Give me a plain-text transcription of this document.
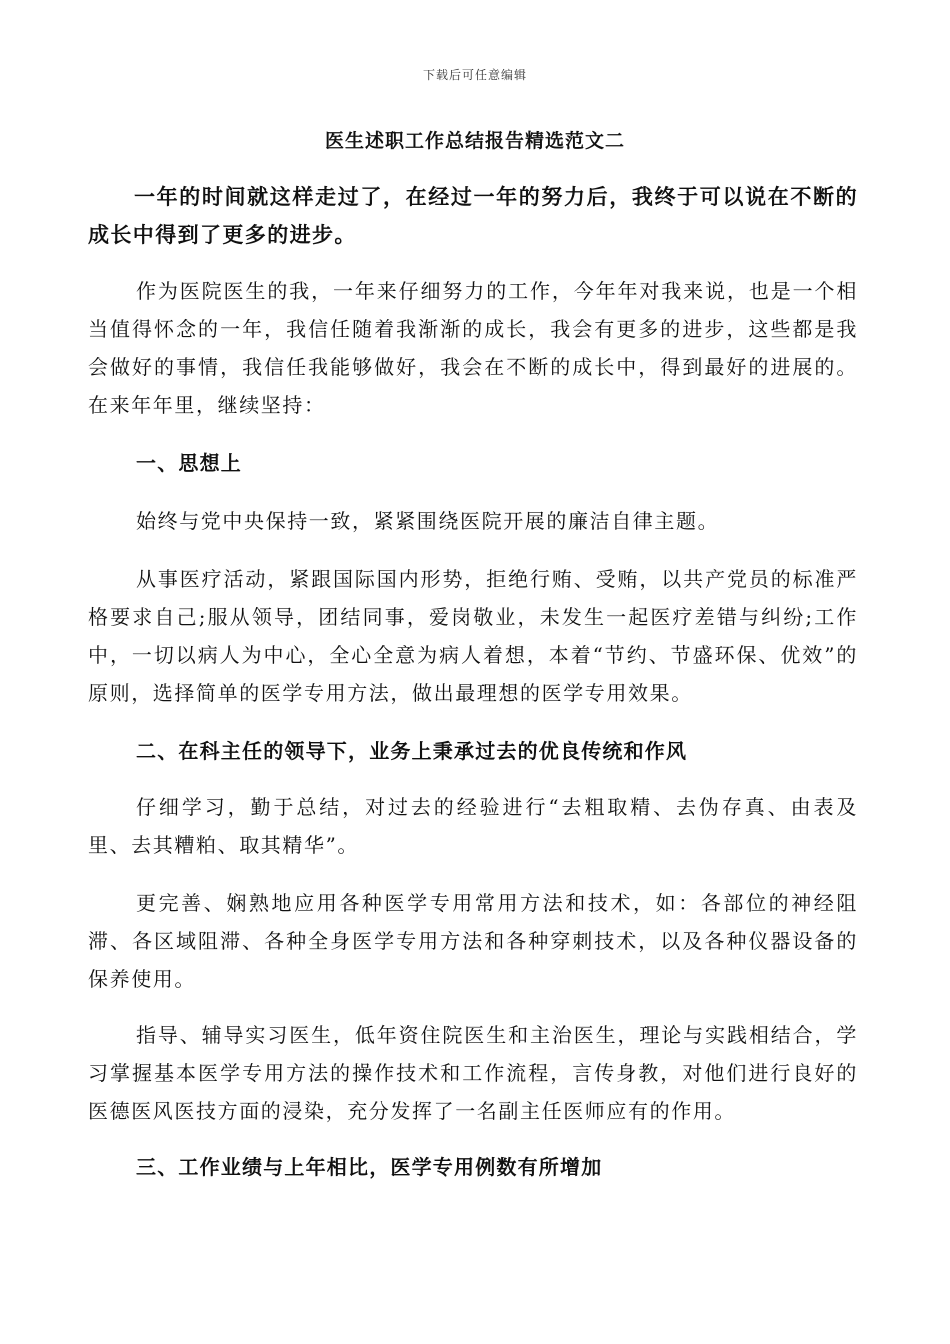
下载后可任意编辑
医生述职工作总结报告精选范文二
一年的时间就这样走过了，在经过一年的努力后，我终于可以说在不断的成长中得到了更多的进步。
作为医院医生的我，一年来仔细努力的工作，今年年对我来说，也是一个相当值得怀念的一年，我信任随着我渐渐的成长，我会有更多的进步，这些都是我会做好的事情，我信任我能够做好，我会在不断的成长中，得到最好的进展的。在来年年里，继续坚持：
一、思想上
始终与党中央保持一致，紧紧围绕医院开展的廉洁自律主题。
从事医疗活动，紧跟国际国内形势，拒绝行贿、受贿，以共产党员的标准严格要求自己;服从领导，团结同事，爱岗敬业，未发生一起医疗差错与纠纷;工作中，一切以病人为中心，全心全意为病人着想，本着“节约、节盛环保、优效”的原则，选择简单的医学专用方法，做出最理想的医学专用效果。
二、在科主任的领导下，业务上秉承过去的优良传统和作风
仔细学习，勤于总结，对过去的经验进行“去粗取精、去伪存真、由表及里、去其糟粕、取其精华”。
更完善、娴熟地应用各种医学专用常用方法和技术，如：各部位的神经阻滞、各区域阻滞、各种全身医学专用方法和各种穿刺技术，以及各种仪器设备的保养使用。
指导、辅导实习医生，低年资住院医生和主治医生，理论与实践相结合，学习掌握基本医学专用方法的操作技术和工作流程，言传身教，对他们进行良好的医德医风医技方面的浸染，充分发挥了一名副主任医师应有的作用。
三、工作业绩与上年相比，医学专用例数有所增加
